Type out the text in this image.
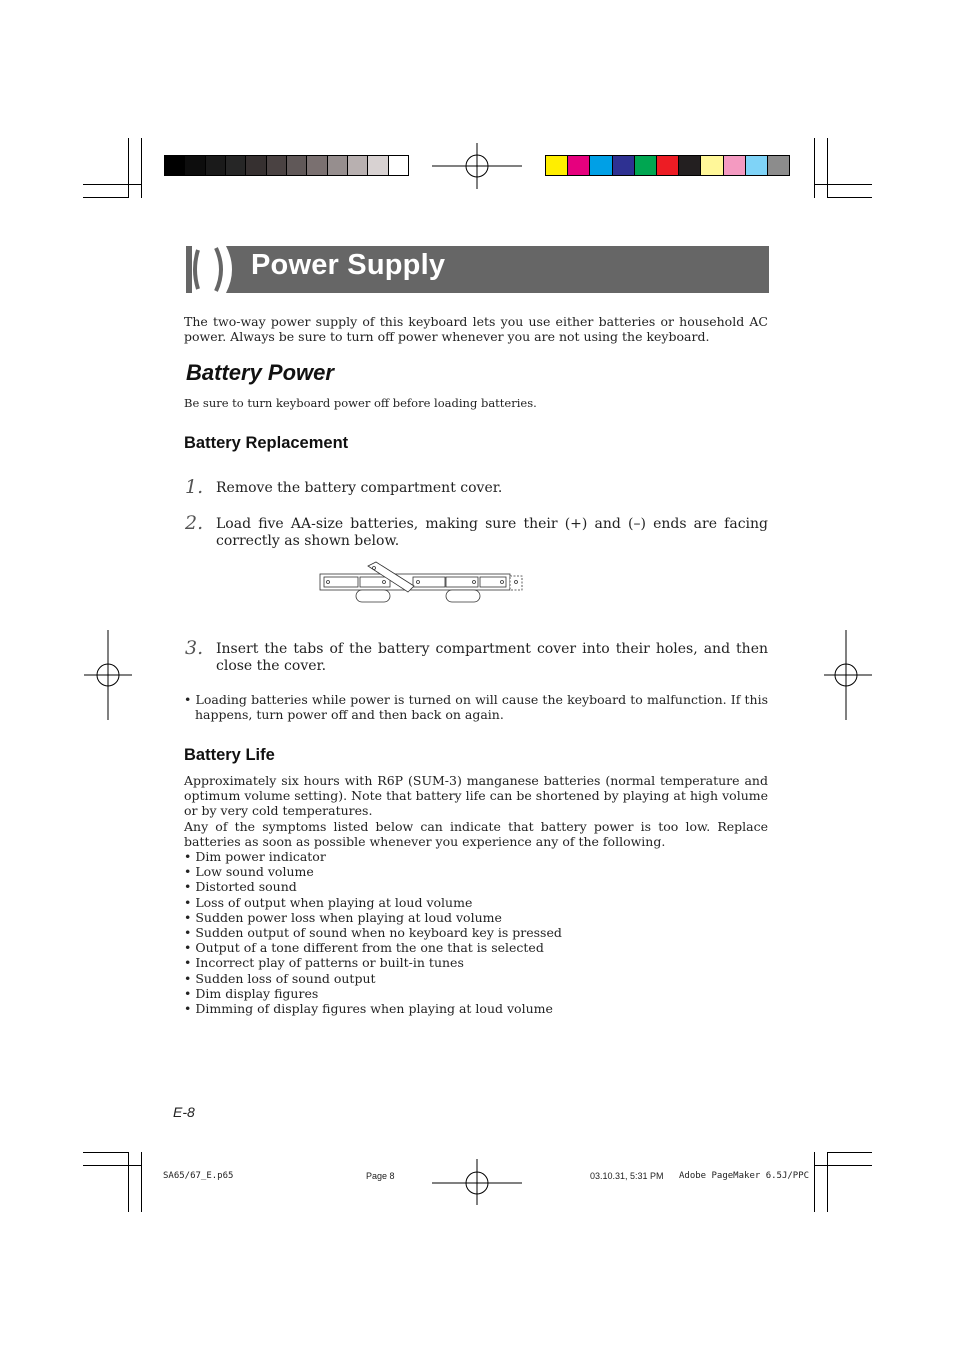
Power Supply
The two-way power supply of this keyboard lets you use either batteries or household AC power. Always be sure to turn off power whenever you are not using the keyboard.
Battery Power
Be sure to turn keyboard power off before loading batteries.
Battery Replacement
1. Remove the battery compartment cover.
2. Load five AA-size batteries, making sure their (+) and (–) ends are facing correctly as shown below.
3. Insert the tabs of the battery compartment cover into their holes, and then close the cover.
• Loading batteries while power is turned on will cause the keyboard to malfunction. If this happens, turn power off and then back on again.
Battery Life
Approximately six hours with R6P (SUM-3) manganese batteries (normal temperature and optimum volume setting). Note that battery life can be shortened by playing at high volume or by very cold temperatures.
Any of the symptoms listed below can indicate that battery power is too low. Replace batteries as soon as possible whenever you experience any of the following.
• Dim power indicator
• Low sound volume
• Distorted sound
• Loss of output when playing at loud volume
• Sudden power loss when playing at loud volume
• Sudden output of sound when no keyboard key is pressed
• Output of a tone different from the one that is selected
• Incorrect play of patterns or built-in tunes
• Sudden loss of sound output
• Dim display figures
• Dimming of display figures when playing at loud volume
E-8
SA65/67_E.p65	Page 8	03.10.31, 5:31 PM Adobe PageMaker 6.5J/PPC
